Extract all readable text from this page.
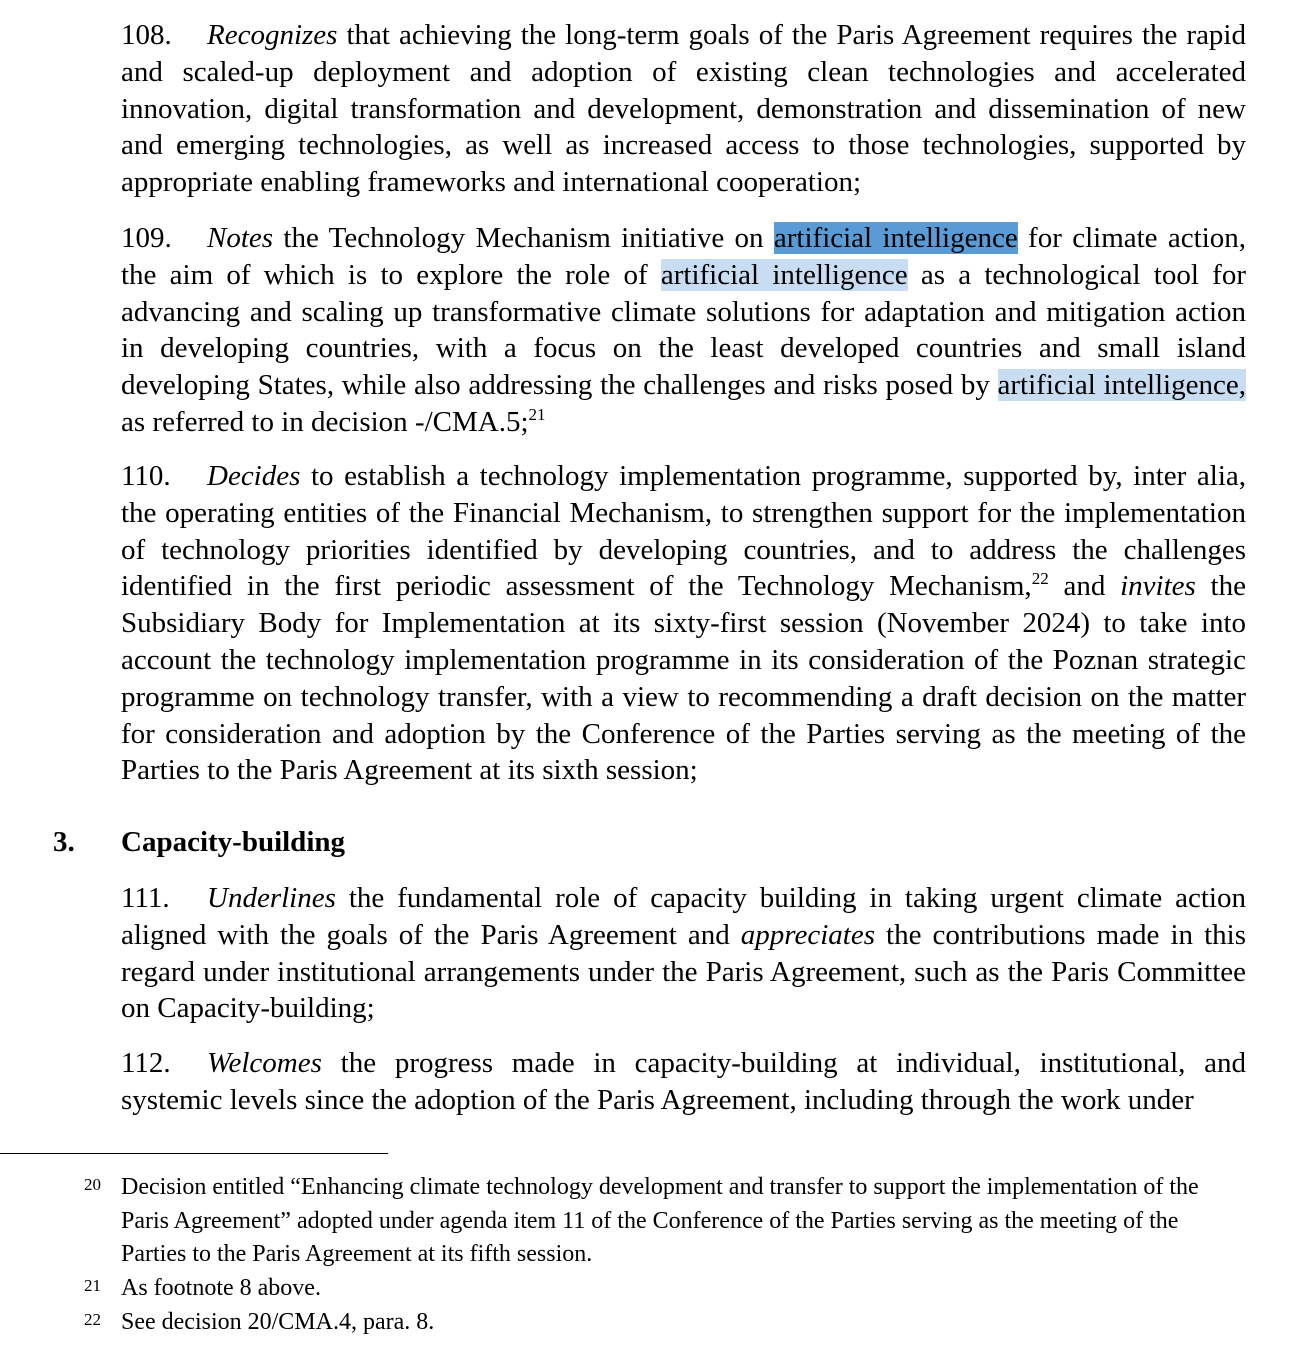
108. Recognizes that achieving the long-term goals of the Paris Agreement requires the rapid and scaled-up deployment and adoption of existing clean technologies and accelerated innovation, digital transformation and development, demonstration and dissemination of new and emerging technologies, as well as increased access to those technologies, supported by appropriate enabling frameworks and international cooperation;

109. Notes the Technology Mechanism initiative on artificial intelligence for climate action, the aim of which is to explore the role of artificial intelligence as a technological tool for advancing and scaling up transformative climate solutions for adaptation and mitigation action in developing countries, with a focus on the least developed countries and small island developing States, while also addressing the challenges and risks posed by artificial intelligence, as referred to in decision -/CMA.5;$^{21}$

110. Decides to establish a technology implementation programme, supported by, inter alia, the operating entities of the Financial Mechanism, to strengthen support for the implementation of technology priorities identified by developing countries, and to address the challenges identified in the first periodic assessment of the Technology Mechanism,$^{22}$ and invites the Subsidiary Body for Implementation at its sixty-first session (November 2024) to take into account the technology implementation programme in its consideration of the Poznan strategic programme on technology transfer, with a view to recommending a draft decision on the matter for consideration and adoption by the Conference of the Parties serving as the meeting of the Parties to the Paris Agreement at its sixth session;

3. Capacity-building

111. Underlines the fundamental role of capacity building in taking urgent climate action aligned with the goals of the Paris Agreement and appreciates the contributions made in this regard under institutional arrangements under the Paris Agreement, such as the Paris Committee on Capacity-building;

112. Welcomes the progress made in capacity-building at individual, institutional, and systemic levels since the adoption of the Paris Agreement, including through the work under

20 Decision entitled “Enhancing climate technology development and transfer to support the implementation of the Paris Agreement” adopted under agenda item 11 of the Conference of the Parties serving as the meeting of the Parties to the Paris Agreement at its fifth session.
21 As footnote 8 above.
22 See decision 20/CMA.4, para. 8.
